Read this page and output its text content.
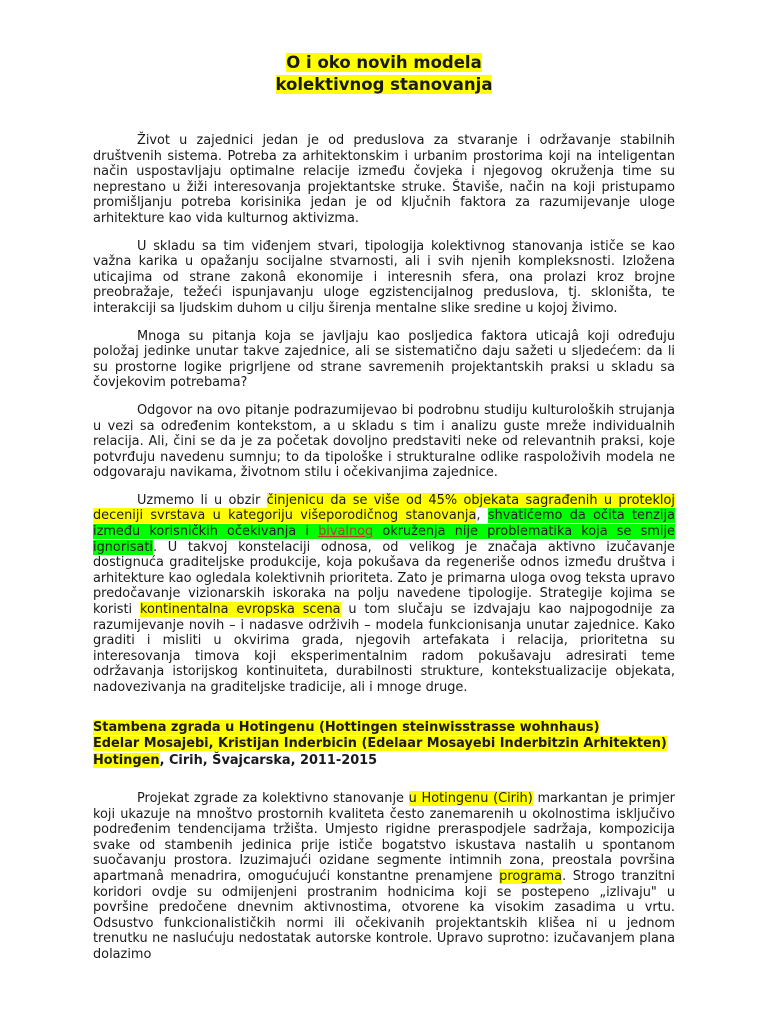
O i oko novih modela
kolektivnog stanovanja

Život u zajednici jedan je od preduslova za stvaranje i održavanje stabilnih društvenih sistema. Potreba za arhitektonskim i urbanim prostorima koji na inteligentan način uspostavljaju optimalne relacije između čovjeka i njegovog okruženja time su neprestano u žiži interesovanja projektantske struke. Štaviše, način na koji pristupamo promišljanju potreba korisinika jedan je od ključnih faktora za razumijevanje uloge arhitekture kao vida kulturnog aktivizma.

U skladu sa tim viđenjem stvari, tipologija kolektivnog stanovanja ističe se kao važna karika u opažanju socijalne stvarnosti, ali i svih njenih kompleksnosti. Izložena uticajima od strane zakonâ ekonomije i interesnih sfera, ona prolazi kroz brojne preobražaje, težeći ispunjavanju uloge egzistencijalnog preduslova, tj. skloništa, te interakciji sa ljudskim duhom u cilju širenja mentalne slike sredine u kojoj živimo.

Mnoga su pitanja koja se javljaju kao posljedica faktora uticajâ koji određuju položaj jedinke unutar takve zajednice, ali se sistematično daju sažeti u sljedećem: da li su prostorne logike prigrljene od strane savremenih projektantskih praksi u skladu sa čovjekovim potrebama?

Odgovor na ovo pitanje podrazumijevao bi podrobnu studiju kulturoloških strujanja u vezi sa određenim kontekstom, a u skladu s tim i analizu guste mreže individualnih relacija. Ali, čini se da je za početak dovoljno predstaviti neke od relevantnih praksi, koje potvrđuju navedenu sumnju; to da tipološke i strukturalne odlike raspoloživih modela ne odgovaraju navikama, životnom stilu i očekivanjima zajednice.

Uzmemo li u obzir činjenicu da se više od 45% objekata sagrađenih u protekloj deceniji svrstava u kategoriju višeporodičnog stanovanja, shvatićemo da očita tenzija između korisničkih očekivanja i bivalnog okruženja nije problematika koja se smije ignorisati. U takvoj konstelaciji odnosa, od velikog je značaja aktivno izučavanje dostignuća graditeljske produkcije, koja pokušava da regeneriše odnos između društva i arhitekture kao ogledala kolektivnih prioriteta. Zato je primarna uloga ovog teksta upravo predočavanje vizionarskih iskoraka na polju navedene tipologije. Strategije kojima se koristi kontinentalna evropska scena u tom slučaju se izdvajaju kao najpogodnije za razumijevanje novih – i nadasve održivih – modela funkcionisanja unutar zajednice. Kako graditi i misliti u okvirima grada, njegovih artefakata i relacija, prioritetna su interesovanja timova koji eksperimentalnim radom pokušavaju adresirati teme održavanja istorijskog kontinuiteta, durabilnosti strukture, kontekstualizacije objekata, nadovezivanja na graditeljske tradicije, ali i mnoge druge.

Stambena zgrada u Hotingenu (Hottingen steinwisstrasse wohnhaus)
Edelar Mosajebi, Kristijan Inderbicin (Edelaar Mosayebi Inderbitzin Arhitekten)
Hotingen, Cirih, Švajcarska, 2011-2015

Projekat zgrade za kolektivno stanovanje u Hotingenu (Cirih) markantan je primjer koji ukazuje na mnoštvo prostornih kvaliteta često zanemarenih u okolnostima isključivo podređenim tendencijama tržišta. Umjesto rigidne preraspodjele sadržaja, kompozicija svake od stambenih jedinica prije ističe bogatstvo iskustava nastalih u spontanom suočavanju prostora. Izuzimajući ozidane segmente intimnih zona, preostala površina apartmanâ menadrira, omogućujući konstantne prenamjene programa. Strogo tranzitni koridori ovdje su odmijenjeni prostranim hodnicima koji se postepeno „izlivaju" u površine predočene dnevnim aktivnostima, otvorene ka visokim zasadima u vrtu. Odsustvo funkcionalističkih normi ili očekivanih projektantskih klišea ni u jednom trenutku ne naslućuju nedostatak autorske kontrole. Upravo suprotno: izučavanjem plana dolazimo
